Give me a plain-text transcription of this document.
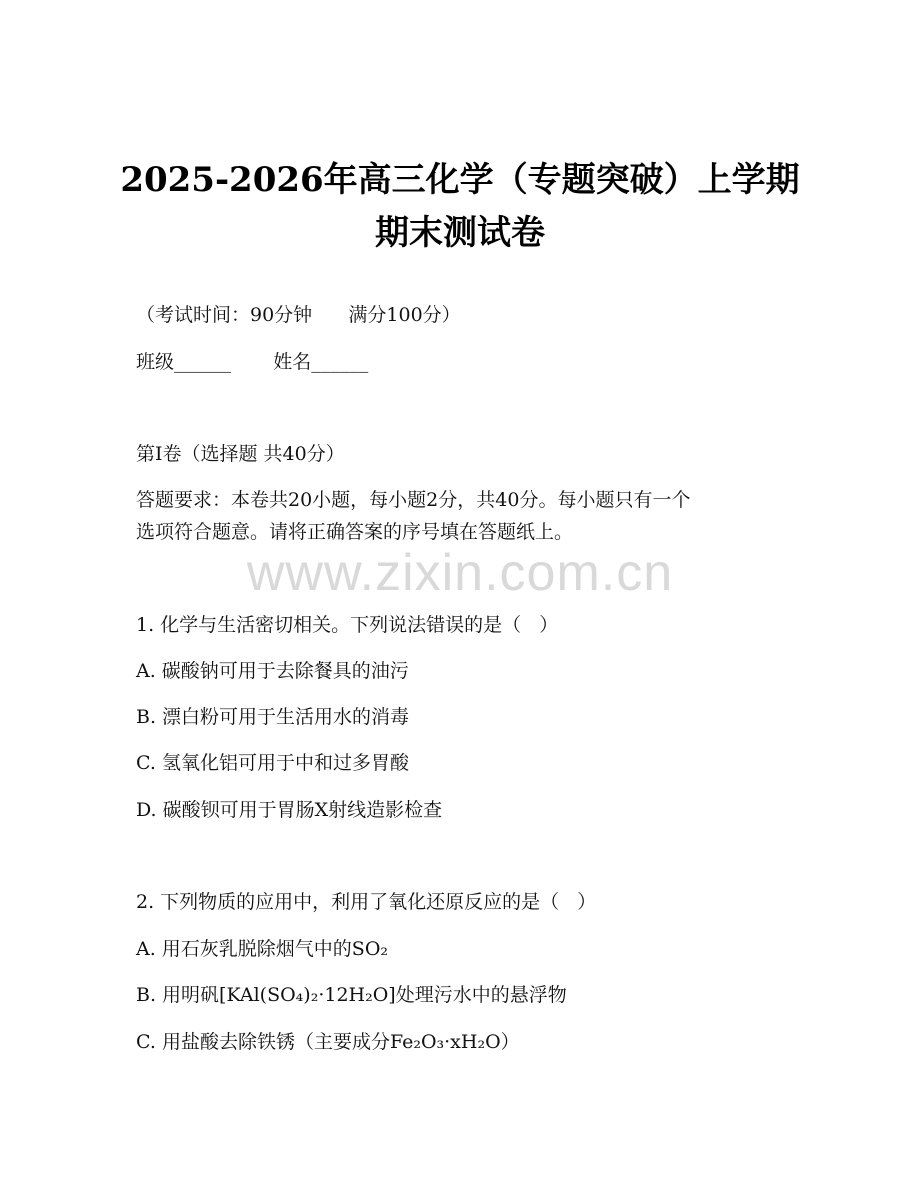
2025-2026年高三化学（专题突破）上学期
期末测试卷
（考试时间：90分钟      满分100分）
班级______       姓名______
第I卷（选择题 共40分）
答题要求：本卷共20小题，每小题2分，共40分。每小题只有一个
选项符合题意。请将正确答案的序号填在答题纸上。
www.zixin.com.cn
1. 化学与生活密切相关。下列说法错误的是（   ）
A. 碳酸钠可用于去除餐具的油污
B. 漂白粉可用于生活用水的消毒
C. 氢氧化铝可用于中和过多胃酸
D. 碳酸钡可用于胃肠X射线造影检查
2. 下列物质的应用中，利用了氧化还原反应的是（   ）
A. 用石灰乳脱除烟气中的SO₂
B. 用明矾[KAl(SO₄)₂·12H₂O]处理污水中的悬浮物
C. 用盐酸去除铁锈（主要成分Fe₂O₃·xH₂O）
